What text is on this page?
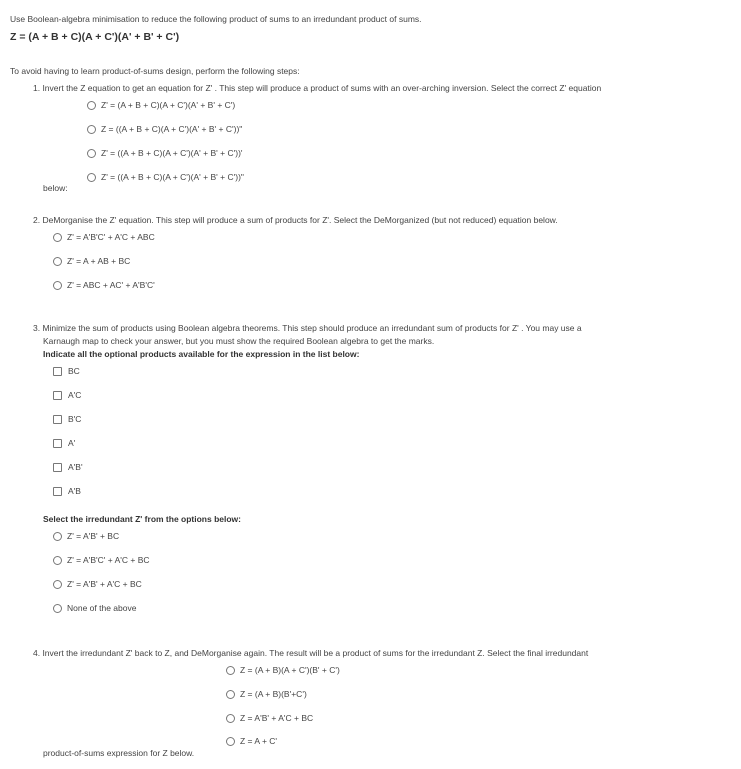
Use Boolean-algebra minimisation to reduce the following product of sums to an irredundant product of sums.
Z = (A + B + C)(A + C')(A' + B' + C')
To avoid having to learn product-of-sums design, perform the following steps:
1. Invert the Z equation to get an equation for Z' . This step will produce a product of sums with an over-arching inversion. Select the correct Z' equation
Z' = (A + B + C)(A + C')(A' + B' + C')
Z = ((A + B + C)(A + C')(A' + B' + C'))"
Z' = ((A + B + C)(A + C')(A' + B' + C'))'
Z' = ((A + B + C)(A + C')(A' + B' + C'))"
below:
2. DeMorganise the Z' equation. This step will produce a sum of products for Z'. Select the DeMorganized (but not reduced) equation below.
Z' = A'B'C' + A'C + ABC
Z' = A + AB + BC
Z' = ABC + AC' + A'B'C'
3. Minimize the sum of products using Boolean algebra theorems. This step should produce an irredundant sum of products for Z' . You may use a
Karnaugh map to check your answer, but you must show the required Boolean algebra to get the marks.
Indicate all the optional products available for the expression in the list below:
BC
A'C
B'C
A'
A'B'
A'B
Select the irredundant Z' from the options below:
Z' = A'B' + BC
Z' = A'B'C' + A'C + BC
Z' = A'B' + A'C + BC
None of the above
4. Invert the irredundant Z' back to Z, and DeMorganise again. The result will be a product of sums for the irredundant Z. Select the final irredundant
Z = (A + B)(A + C')(B' + C')
Z = (A + B)(B'+C')
Z = A'B' + A'C + BC
Z = A + C'
product-of-sums expression for Z below.
